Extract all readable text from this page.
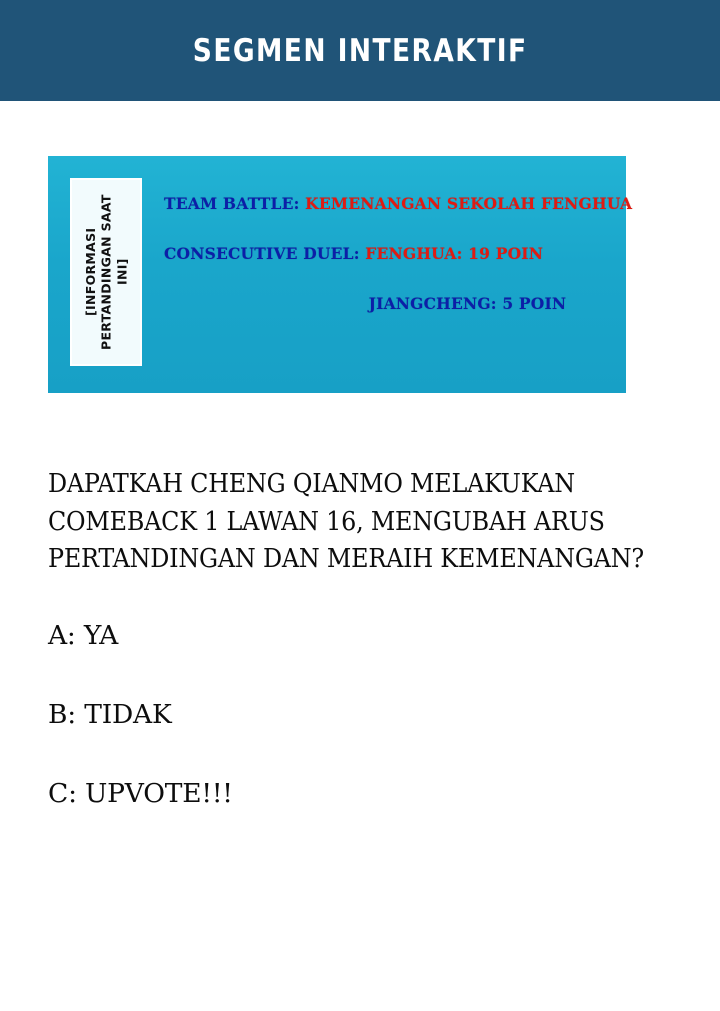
SEGMEN INTERAKTIF
[INFORMASI PERTANDINGAN SAAT INI]
TEAM BATTLE: KEMENANGAN SEKOLAH FENGHUA
CONSECUTIVE DUEL: FENGHUA: 19 POIN
JIANGCHENG: 5 POIN
DAPATKAH CHENG QIANMO MELAKUKAN COMEBACK 1 LAWAN 16, MENGUBAH ARUS PERTANDINGAN DAN MERAIH KEMENANGAN?
A: YA
B: TIDAK
C: UPVOTE!!!
